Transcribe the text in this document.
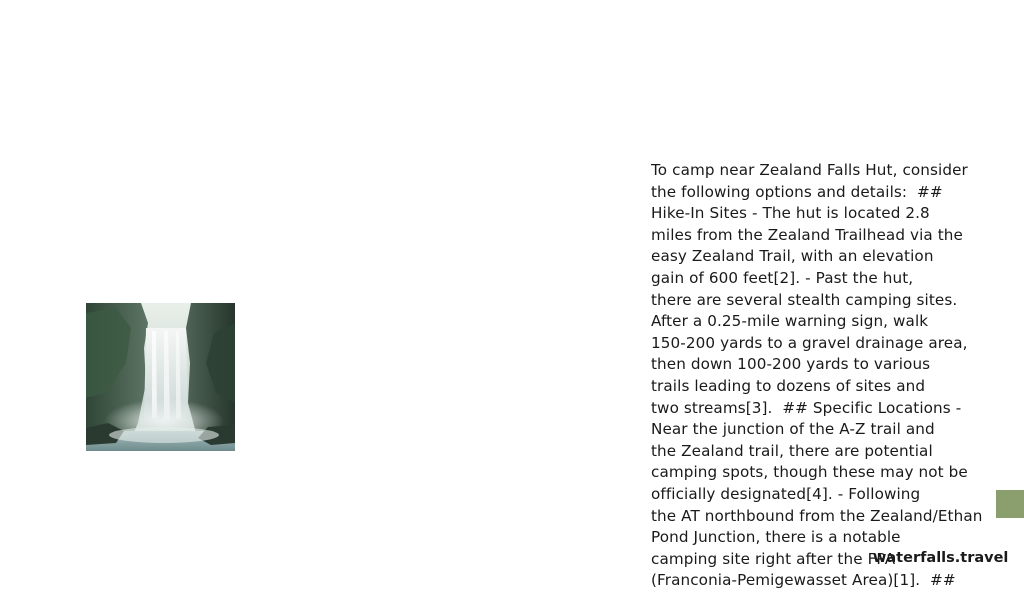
To camp near Zealand Falls Hut, consider
the following options and details:  ##
Hike-In Sites - The hut is located 2.8
miles from the Zealand Trailhead via the
easy Zealand Trail, with an elevation
gain of 600 feet[2]. - Past the hut,
there are several stealth camping sites.
After a 0.25-mile warning sign, walk
150-200 yards to a gravel drainage area,
then down 100-200 yards to various
trails leading to dozens of sites and
two streams[3].  ## Specific Locations -
Near the junction of the A-Z trail and
the Zealand trail, there are potential
camping spots, though these may not be
officially designated[4]. - Following
the AT northbound from the Zealand/Ethan
Pond Junction, there is a notable
camping site right after the FPA
(Franconia-Pemigewasset Area)[1].  ##
waterfalls.travel
